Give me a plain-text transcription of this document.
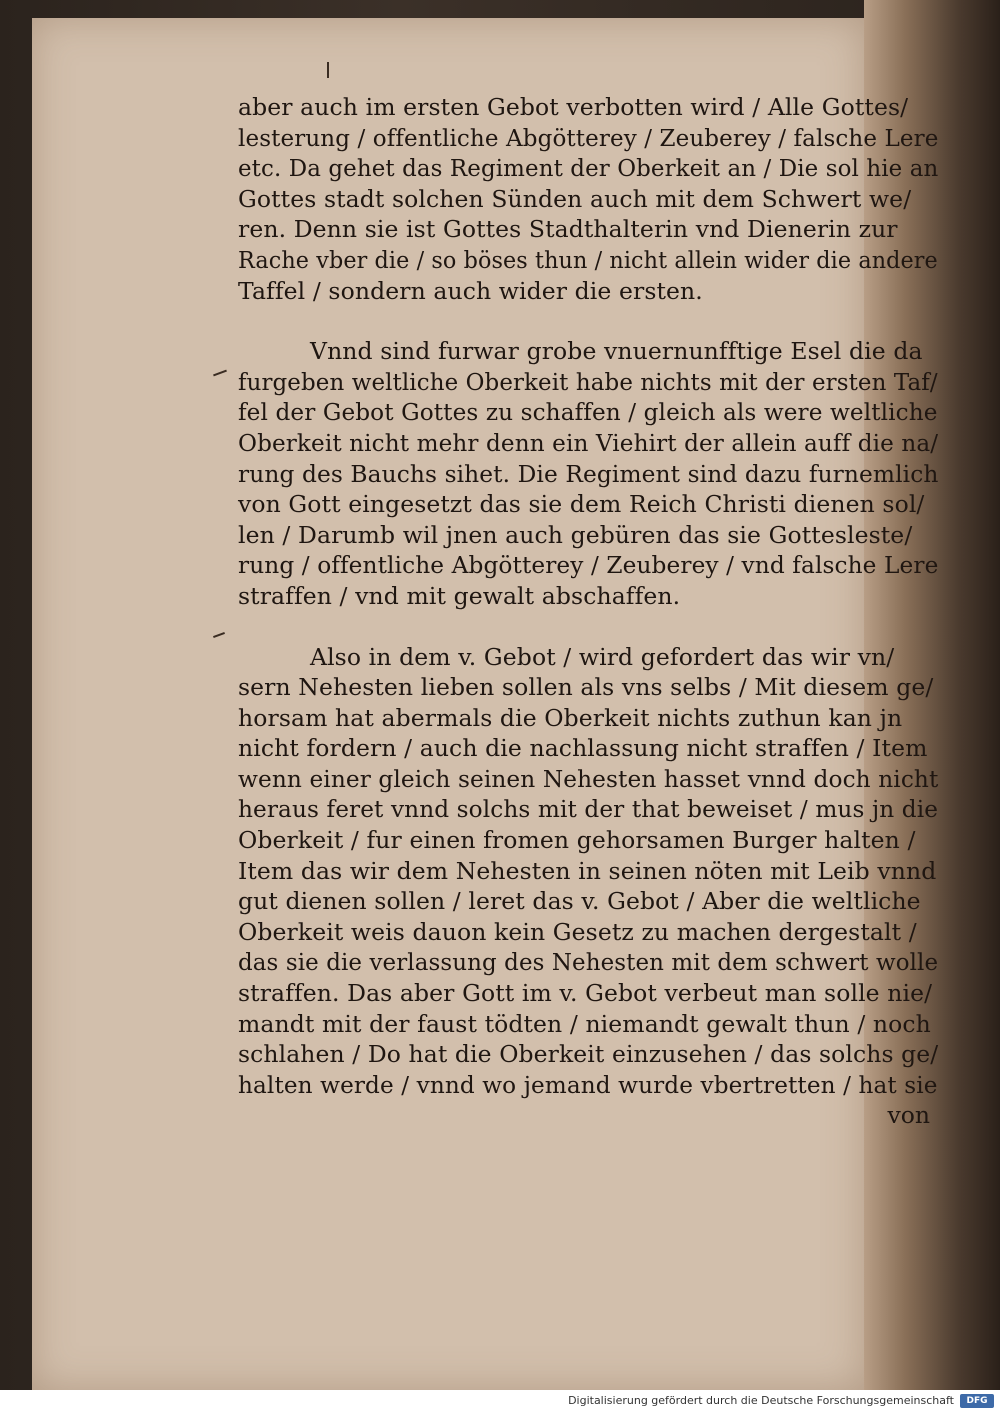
aber auch im ersten Gebot verbotten wird / Alle Gottes/
lesterung / offentliche Abgötterey / Zeuberey / falsche Lere
etc. Da gehet das Regiment der Oberkeit an / Die sol hie an
Gottes stadt solchen Sünden auch mit dem Schwert we/
ren. Denn sie ist Gottes Stadthalterin vnd Dienerin zur
Rache vber die / so böses thun / nicht allein wider die andere
Taffel / sondern auch wider die ersten.
Vnnd sind furwar grobe vnuernunfftige Esel die da
furgeben weltliche Oberkeit habe nichts mit der ersten Taf/
fel der Gebot Gottes zu schaffen / gleich als were weltliche
Oberkeit nicht mehr denn ein Viehirt der allein auff die na/
rung des Bauchs sihet. Die Regiment sind dazu furnemlich
von Gott eingesetzt das sie dem Reich Christi dienen sol/
len / Darumb wil jnen auch gebüren das sie Gottesleste/
rung / offentliche Abgötterey / Zeuberey / vnd falsche Lere
straffen / vnd mit gewalt abschaffen.
Also in dem v. Gebot / wird gefordert das wir vn/
sern Nehesten lieben sollen als vns selbs / Mit diesem ge/
horsam hat abermals die Oberkeit nichts zuthun kan jn
nicht fordern / auch die nachlassung nicht straffen / Item
wenn einer gleich seinen Nehesten hasset vnnd doch nicht
heraus feret vnnd solchs mit der that beweiset / mus jn die
Oberkeit / fur einen fromen gehorsamen Burger halten /
Item das wir dem Nehesten in seinen nöten mit Leib vnnd
gut dienen sollen / leret das v. Gebot / Aber die weltliche
Oberkeit weis dauon kein Gesetz zu machen dergestalt /
das sie die verlassung des Nehesten mit dem schwert wolle
straffen. Das aber Gott im v. Gebot verbeut man solle nie/
mandt mit der faust tödten / niemandt gewalt thun / noch
schlahen / Do hat die Oberkeit einzusehen / das solchs ge/
halten werde / vnnd wo jemand wurde vbertretten / hat sie
von
Digitalisierung gefördert durch die Deutsche Forschungsgemeinschaft	DFG
